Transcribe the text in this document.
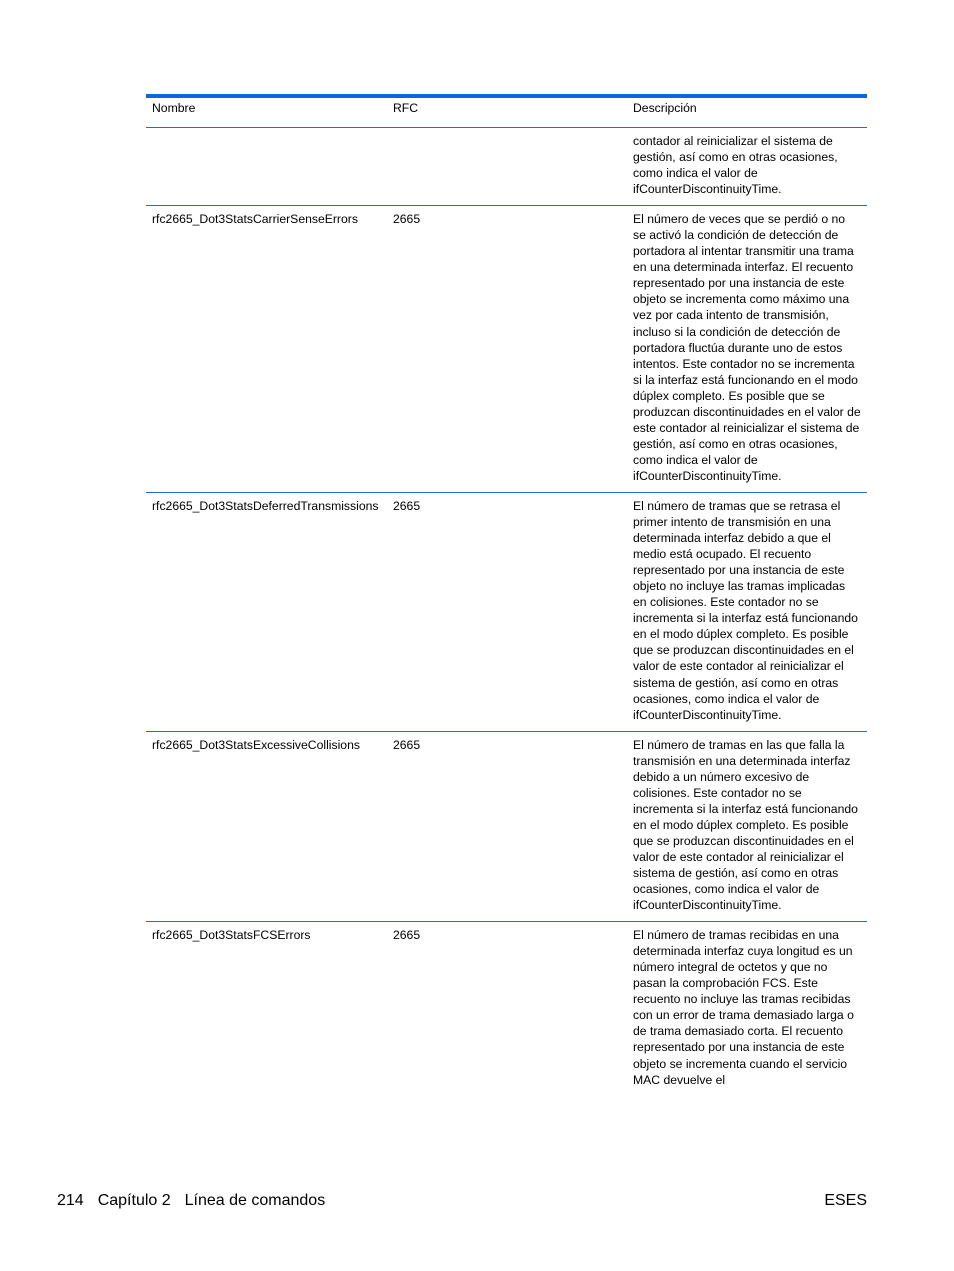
Nombre	RFC	Descripción
contador al reinicializar el sistema de gestión, así como en otras ocasiones, como indica el valor de ifCounterDiscontinuityTime.
rfc2665_Dot3StatsCarrierSenseErrors	2665	El número de veces que se perdió o no se activó la condición de detección de portadora al intentar transmitir una trama en una determinada interfaz. El recuento representado por una instancia de este objeto se incrementa como máximo una vez por cada intento de transmisión, incluso si la condición de detección de portadora fluctúa durante uno de estos intentos. Este contador no se incrementa si la interfaz está funcionando en el modo dúplex completo. Es posible que se produzcan discontinuidades en el valor de este contador al reinicializar el sistema de gestión, así como en otras ocasiones, como indica el valor de ifCounterDiscontinuityTime.
rfc2665_Dot3StatsDeferredTransmissions	2665	El número de tramas que se retrasa el primer intento de transmisión en una determinada interfaz debido a que el medio está ocupado. El recuento representado por una instancia de este objeto no incluye las tramas implicadas en colisiones. Este contador no se incrementa si la interfaz está funcionando en el modo dúplex completo. Es posible que se produzcan discontinuidades en el valor de este contador al reinicializar el sistema de gestión, así como en otras ocasiones, como indica el valor de ifCounterDiscontinuityTime.
rfc2665_Dot3StatsExcessiveCollisions	2665	El número de tramas en las que falla la transmisión en una determinada interfaz debido a un número excesivo de colisiones. Este contador no se incrementa si la interfaz está funcionando en el modo dúplex completo. Es posible que se produzcan discontinuidades en el valor de este contador al reinicializar el sistema de gestión, así como en otras ocasiones, como indica el valor de ifCounterDiscontinuityTime.
rfc2665_Dot3StatsFCSErrors	2665	El número de tramas recibidas en una determinada interfaz cuya longitud es un número integral de octetos y que no pasan la comprobación FCS. Este recuento no incluye las tramas recibidas con un error de trama demasiado larga o de trama demasiado corta. El recuento representado por una instancia de este objeto se incrementa cuando el servicio MAC devuelve el
214 Capítulo 2 Línea de comandos	ESES
